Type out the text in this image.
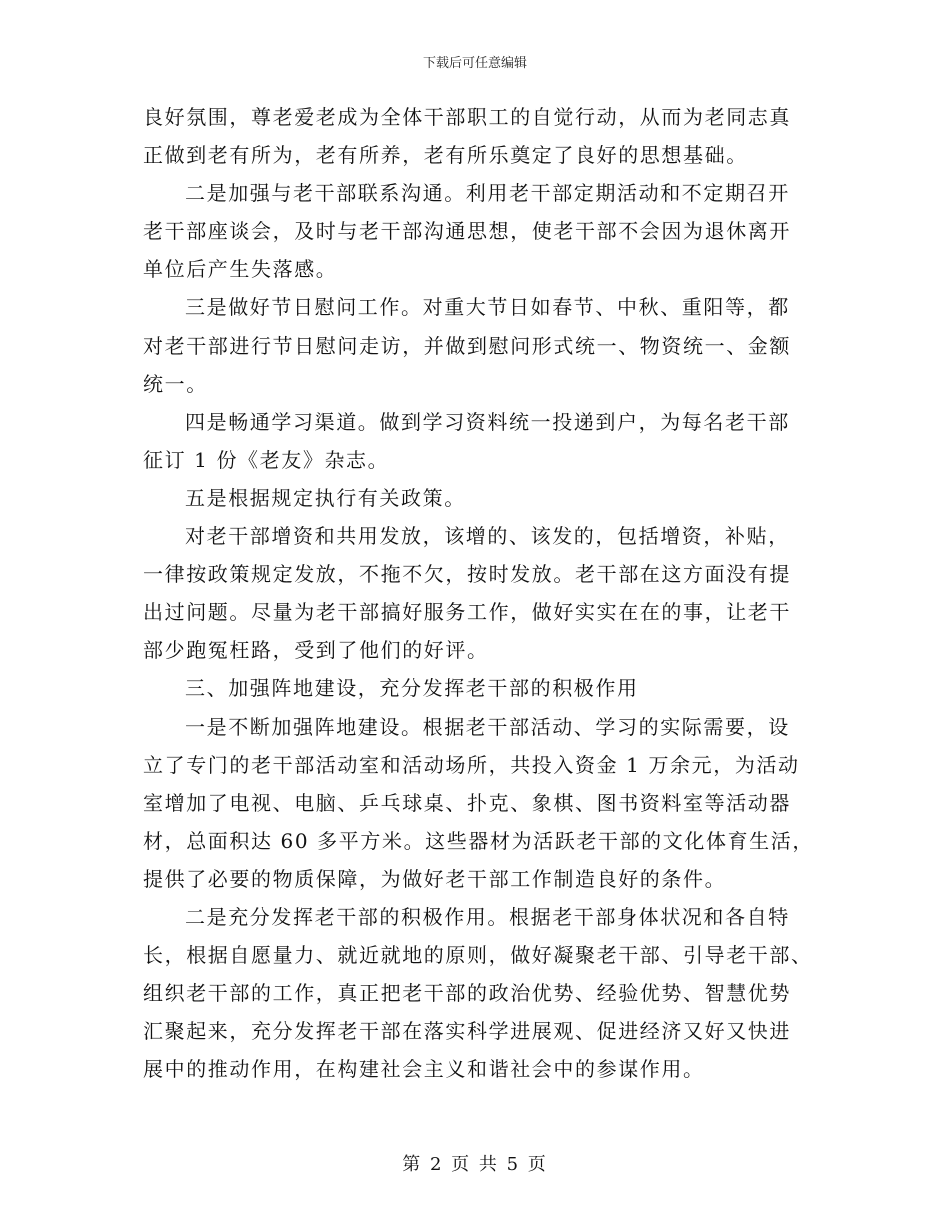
下载后可任意编辑
良好氛围，尊老爱老成为全体干部职工的自觉行动，从而为老同志真
正做到老有所为，老有所养，老有所乐奠定了良好的思想基础。
二是加强与老干部联系沟通。利用老干部定期活动和不定期召开
老干部座谈会，及时与老干部沟通思想，使老干部不会因为退休离开
单位后产生失落感。
三是做好节日慰问工作。对重大节日如春节、中秋、重阳等，都
对老干部进行节日慰问走访，并做到慰问形式统一、物资统一、金额
统一。
四是畅通学习渠道。做到学习资料统一投递到户，为每名老干部
征订 1 份《老友》杂志。
五是根据规定执行有关政策。
对老干部增资和共用发放，该增的、该发的，包括增资，补贴，
一律按政策规定发放，不拖不欠，按时发放。老干部在这方面没有提
出过问题。尽量为老干部搞好服务工作，做好实实在在的事，让老干
部少跑冤枉路，受到了他们的好评。
三、加强阵地建设，充分发挥老干部的积极作用
一是不断加强阵地建设。根据老干部活动、学习的实际需要，设
立了专门的老干部活动室和活动场所，共投入资金 1 万余元，为活动
室增加了电视、电脑、乒乓球桌、扑克、象棋、图书资料室等活动器
材，总面积达 60 多平方米。这些器材为活跃老干部的文化体育生活，
提供了必要的物质保障，为做好老干部工作制造良好的条件。
二是充分发挥老干部的积极作用。根据老干部身体状况和各自特
长，根据自愿量力、就近就地的原则，做好凝聚老干部、引导老干部、
组织老干部的工作，真正把老干部的政治优势、经验优势、智慧优势
汇聚起来，充分发挥老干部在落实科学进展观、促进经济又好又快进
展中的推动作用，在构建社会主义和谐社会中的参谋作用。
第 2 页 共 5 页
